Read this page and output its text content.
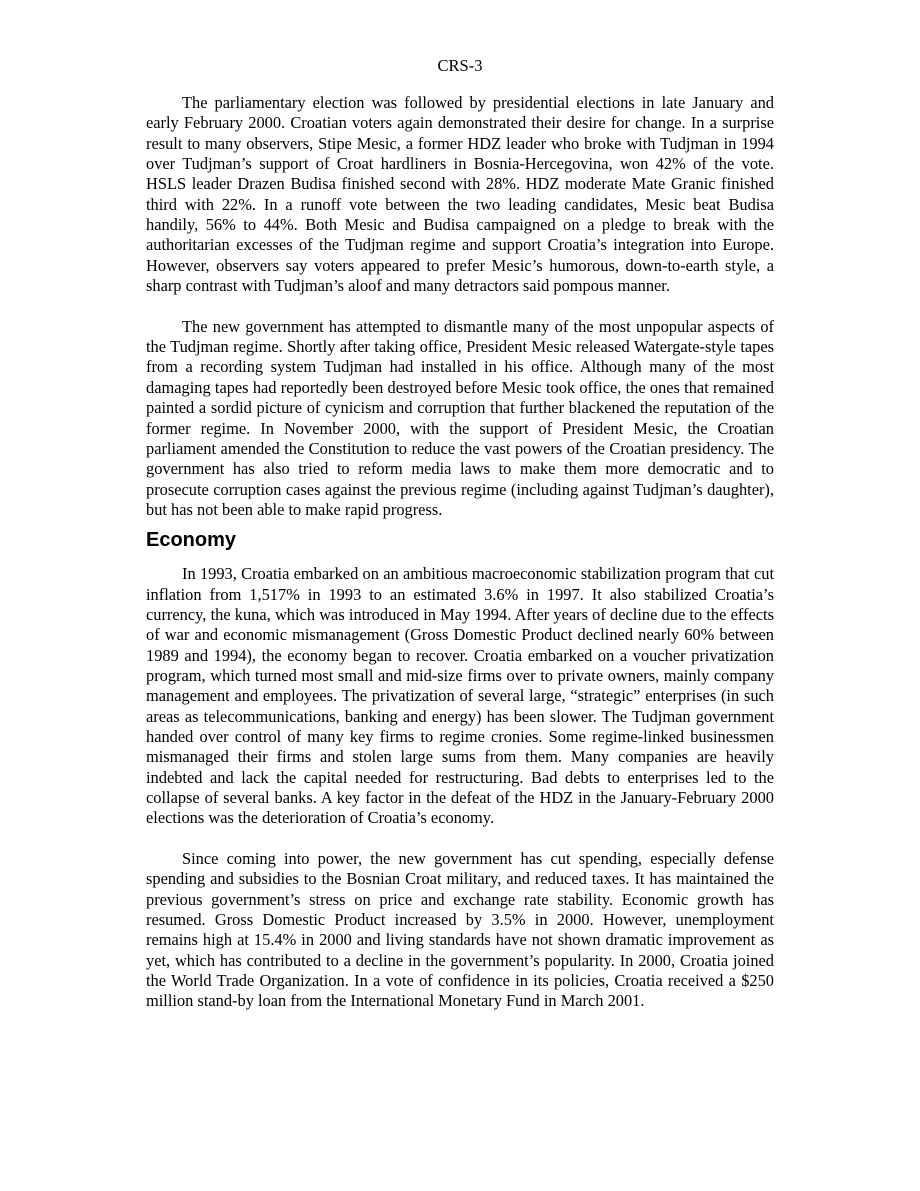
CRS-3

The parliamentary election was followed by presidential elections in late January and early February 2000. Croatian voters again demonstrated their desire for change. In a surprise result to many observers, Stipe Mesic, a former HDZ leader who broke with Tudjman in 1994 over Tudjman’s support of Croat hardliners in Bosnia-Hercegovina, won 42% of the vote. HSLS leader Drazen Budisa finished second with 28%. HDZ moderate Mate Granic finished third with 22%. In a runoff vote between the two leading candidates, Mesic beat Budisa handily, 56% to 44%. Both Mesic and Budisa campaigned on a pledge to break with the authoritarian excesses of the Tudjman regime and support Croatia’s integration into Europe. However, observers say voters appeared to prefer Mesic’s humorous, down-to-earth style, a sharp contrast with Tudjman’s aloof and many detractors said pompous manner.

The new government has attempted to dismantle many of the most unpopular aspects of the Tudjman regime. Shortly after taking office, President Mesic released Watergate-style tapes from a recording system Tudjman had installed in his office. Although many of the most damaging tapes had reportedly been destroyed before Mesic took office, the ones that remained painted a sordid picture of cynicism and corruption that further blackened the reputation of the former regime. In November 2000, with the support of President Mesic, the Croatian parliament amended the Constitution to reduce the vast powers of the Croatian presidency. The government has also tried to reform media laws to make them more democratic and to prosecute corruption cases against the previous regime (including against Tudjman’s daughter), but has not been able to make rapid progress.

Economy

In 1993, Croatia embarked on an ambitious macroeconomic stabilization program that cut inflation from 1,517% in 1993 to an estimated 3.6% in 1997. It also stabilized Croatia’s currency, the kuna, which was introduced in May 1994. After years of decline due to the effects of war and economic mismanagement (Gross Domestic Product declined nearly 60% between 1989 and 1994), the economy began to recover. Croatia embarked on a voucher privatization program, which turned most small and mid-size firms over to private owners, mainly company management and employees. The privatization of several large, “strategic” enterprises (in such areas as telecommunications, banking and energy) has been slower. The Tudjman government handed over control of many key firms to regime cronies. Some regime-linked businessmen mismanaged their firms and stolen large sums from them. Many companies are heavily indebted and lack the capital needed for restructuring. Bad debts to enterprises led to the collapse of several banks. A key factor in the defeat of the HDZ in the January-February 2000 elections was the deterioration of Croatia’s economy.

Since coming into power, the new government has cut spending, especially defense spending and subsidies to the Bosnian Croat military, and reduced taxes. It has maintained the previous government’s stress on price and exchange rate stability. Economic growth has resumed. Gross Domestic Product increased by 3.5% in 2000. However, unemployment remains high at 15.4% in 2000 and living standards have not shown dramatic improvement as yet, which has contributed to a decline in the government’s popularity. In 2000, Croatia joined the World Trade Organization. In a vote of confidence in its policies, Croatia received a $250 million stand-by loan from the International Monetary Fund in March 2001.
